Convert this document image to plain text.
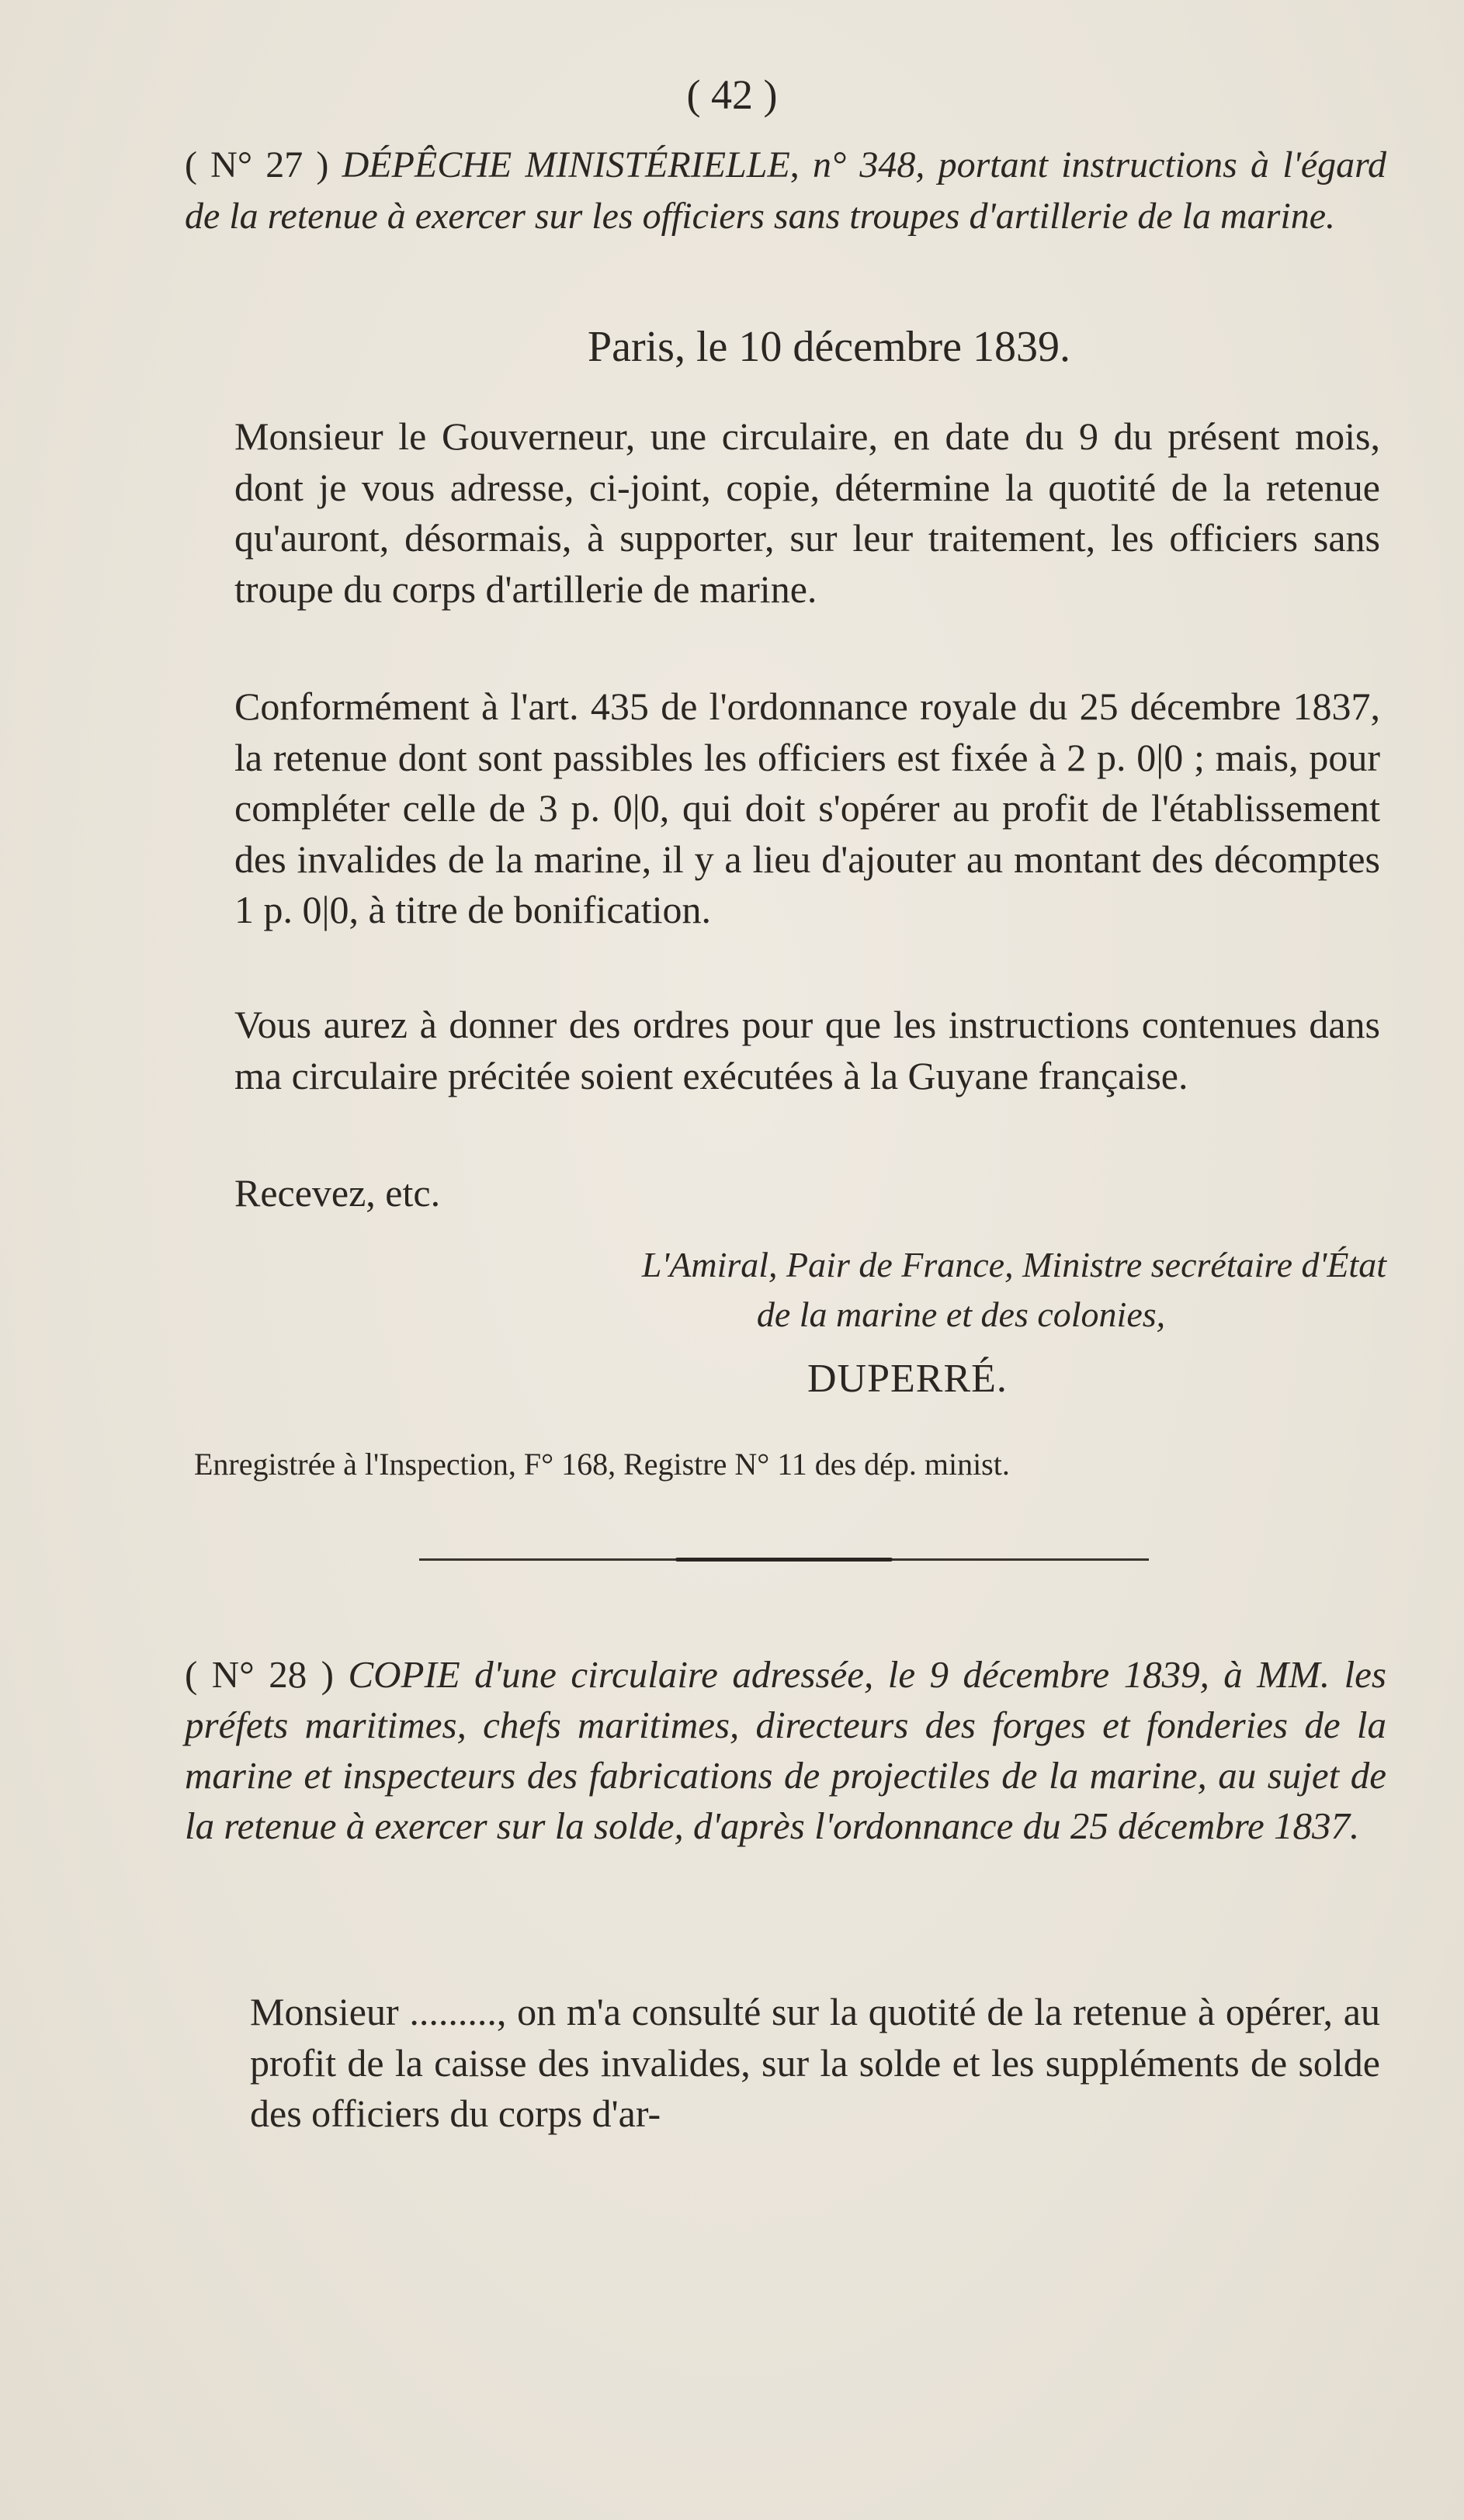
( 42 )
( N° 27 ) DÉPÊCHE MINISTÉRIELLE, n° 348, portant instructions à l'égard de la retenue à exercer sur les officiers sans troupes d'artillerie de la marine.
Paris, le 10 décembre 1839.

Monsieur le Gouverneur, une circulaire, en date du 9 du présent mois, dont je vous adresse, ci-joint, copie, détermine la quotité de la retenue qu'auront, désormais, à supporter, sur leur traitement, les officiers sans troupe du corps d'artillerie de marine.

Conformément à l'art. 435 de l'ordonnance royale du 25 décembre 1837, la retenue dont sont passibles les officiers est fixée à 2 p. 0|0 ; mais, pour compléter celle de 3 p. 0|0, qui doit s'opérer au profit de l'établissement des invalides de la marine, il y a lieu d'ajouter au montant des décomptes 1 p. 0|0, à titre de bonification.

Vous aurez à donner des ordres pour que les instructions contenues dans ma circulaire précitée soient exécutées à la Guyane française.

Recevez, etc.

L'Amiral, Pair de France, Ministre secrétaire d'État
de la marine et des colonies,
DUPERRÉ.
Enregistrée à l'Inspection, F° 168, Registre N° 11 des dép. minist.
( N° 28 ) COPIE d'une circulaire adressée, le 9 décembre 1839, à MM. les préfets maritimes, chefs maritimes, directeurs des forges et fonderies de la marine et inspecteurs des fabrications de projectiles de la marine, au sujet de la retenue à exercer sur la solde, d'après l'ordonnance du 25 décembre 1837.

Monsieur ........., on m'a consulté sur la quotité de la retenue à opérer, au profit de la caisse des invalides, sur la solde et les suppléments de solde des officiers du corps d'ar-
